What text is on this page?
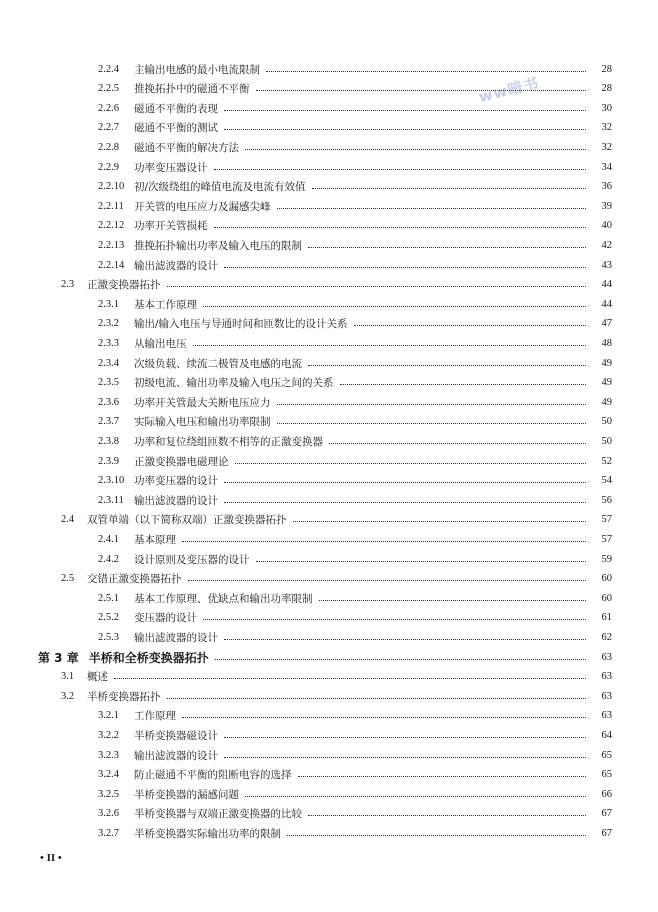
ww暗书
2.2.4	主输出电感的最小电流限制	28
2.2.5	推挽拓扑中的磁通不平衡	28
2.2.6	磁通不平衡的表现	30
2.2.7	磁通不平衡的测试	32
2.2.8	磁通不平衡的解决方法	32
2.2.9	功率变压器设计	34
2.2.10 初/次级绕组的峰值电流及电流有效值	36
2.2.11 开关管的电压应力及漏感尖峰	39
2.2.12 功率开关管损耗	40
2.2.13 推挽拓扑输出功率及输入电压的限制	42
2.2.14 输出滤波器的设计	43
2.3	正激变换器拓扑	44
2.3.1	基本工作原理	44
2.3.2	输出/输入电压与导通时间和匝数比的设计关系	47
2.3.3	从输出电压	48
2.3.4	次级负载、续流二极管及电感的电流	49
2.3.5	初级电流、输出功率及输入电压之间的关系	49
2.3.6	功率开关管最大关断电压应力	49
2.3.7	实际输入电压和输出功率限制	50
2.3.8	功率和复位绕组匝数不相等的正激变换器	50
2.3.9	正激变换器电磁理论	52
2.3.10 功率变压器的设计	54
2.3.11 输出滤波器的设计	56
2.4	双管单端（以下简称双端）正激变换器拓扑	57
2.4.1	基本原理	57
2.4.2	设计原则及变压器的设计	59
2.5	交错正激变换器拓扑	60
2.5.1	基本工作原理、优缺点和输出功率限制	60
2.5.2	变压器的设计	61
2.5.3	输出滤波器的设计	62
第 3 章 半桥和全桥变换器拓扑	63
3.1	概述	63
3.2	半桥变换器拓扑	63
3.2.1	工作原理	63
3.2.2	半桥变换器磁设计	64
3.2.3	输出滤波器的设计	65
3.2.4	防止磁通不平衡的阻断电容的选择	65
3.2.5	半桥变换器的漏感问题	66
3.2.6	半桥变换器与双端正激变换器的比较	67
3.2.7	半桥变换器实际输出功率的限制	67
• II •
